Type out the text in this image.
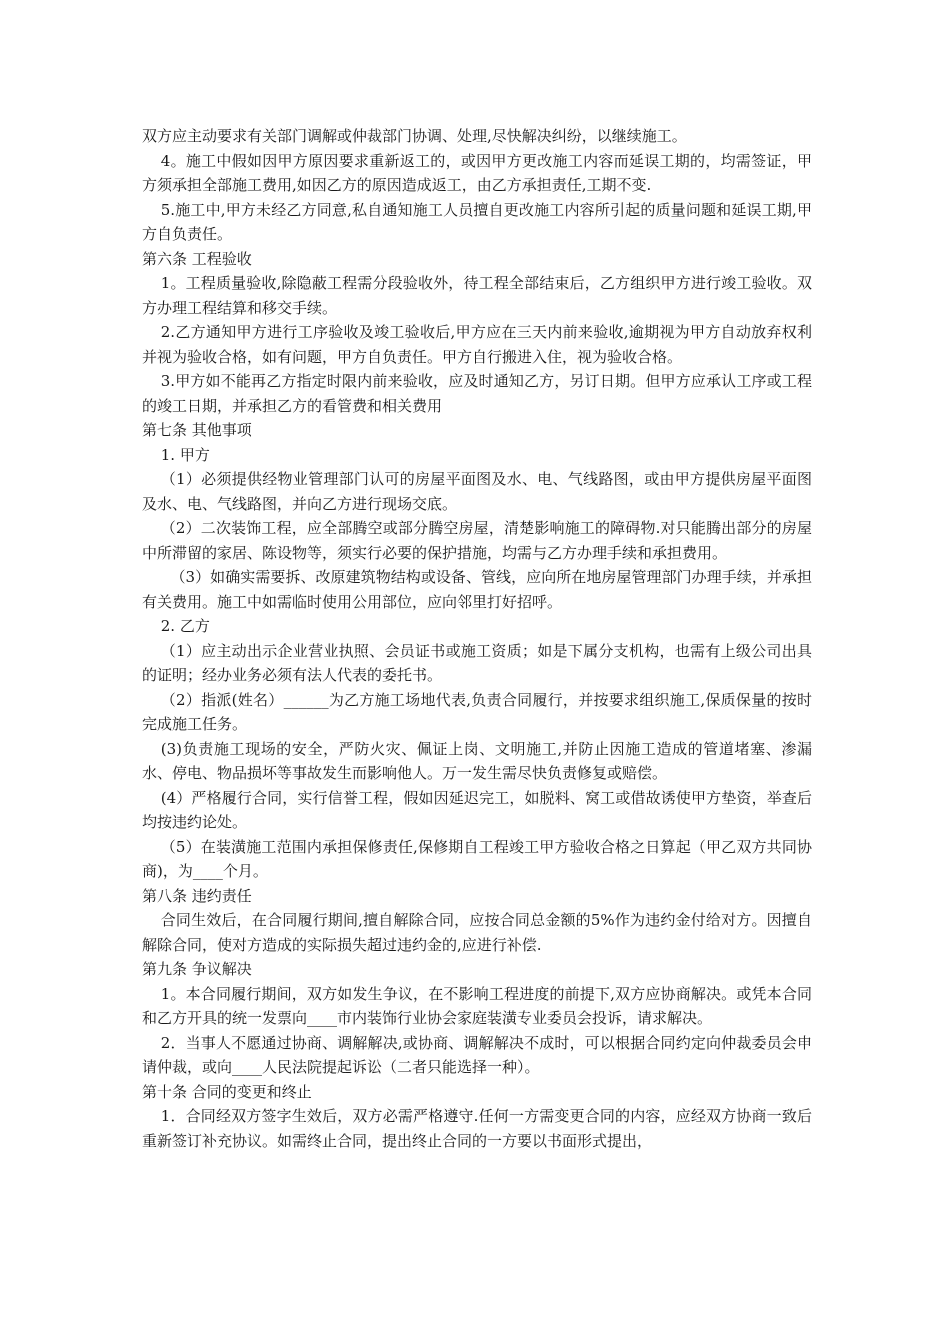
双方应主动要求有关部门调解或仲裁部门协调、处理,尽快解决纠纷，以继续施工。

4。施工中假如因甲方原因要求重新返工的，或因甲方更改施工内容而延误工期的，均需签证，甲方须承担全部施工费用,如因乙方的原因造成返工，由乙方承担责任,工期不变.

5.施工中,甲方未经乙方同意,私自通知施工人员擅自更改施工内容所引起的质量问题和延误工期,甲方自负责任。

第六条 工程验收

1。工程质量验收,除隐蔽工程需分段验收外，待工程全部结束后，乙方组织甲方进行竣工验收。双方办理工程结算和移交手续。

2.乙方通知甲方进行工序验收及竣工验收后,甲方应在三天内前来验收,逾期视为甲方自动放弃权利并视为验收合格，如有问题，甲方自负责任。甲方自行搬进入住，视为验收合格。

3.甲方如不能再乙方指定时限内前来验收，应及时通知乙方，另订日期。但甲方应承认工序或工程的竣工日期，并承担乙方的看管费和相关费用

第七条 其他事项

1. 甲方

（1）必须提供经物业管理部门认可的房屋平面图及水、电、气线路图，或由甲方提供房屋平面图及水、电、气线路图，并向乙方进行现场交底。

（2）二次装饰工程，应全部腾空或部分腾空房屋，清楚影响施工的障碍物.对只能腾出部分的房屋中所滞留的家居、陈设物等，须实行必要的保护措施，均需与乙方办理手续和承担费用。

（3）如确实需要拆、改原建筑物结构或设备、管线，应向所在地房屋管理部门办理手续，并承担有关费用。施工中如需临时使用公用部位，应向邻里打好招呼。

2. 乙方

（1）应主动出示企业营业执照、会员证书或施工资质；如是下属分支机构，也需有上级公司出具的证明；经办业务必须有法人代表的委托书。

（2）指派(姓名）______为乙方施工场地代表,负责合同履行，并按要求组织施工,保质保量的按时完成施工任务。

(3)负责施工现场的安全，严防火灾、佩证上岗、文明施工,并防止因施工造成的管道堵塞、渗漏水、停电、物品损坏等事故发生而影响他人。万一发生需尽快负责修复或赔偿。

(4）严格履行合同，实行信誉工程，假如因延迟完工，如脱料、窝工或借故诱使甲方垫资，举查后均按违约论处。

（5）在装潢施工范围内承担保修责任,保修期自工程竣工甲方验收合格之日算起（甲乙双方共同协商)，为____个月。

第八条 违约责任

合同生效后，在合同履行期间,擅自解除合同，应按合同总金额的5%作为违约金付给对方。因擅自解除合同，使对方造成的实际损失超过违约金的,应进行补偿.

第九条 争议解决

1。本合同履行期间，双方如发生争议，在不影响工程进度的前提下,双方应协商解决。或凭本合同和乙方开具的统一发票向____市内装饰行业协会家庭装潢专业委员会投诉，请求解决。

2．当事人不愿通过协商、调解解决,或协商、调解解决不成时，可以根据合同约定向仲裁委员会申请仲裁，或向____人民法院提起诉讼（二者只能选择一种）。

第十条 合同的变更和终止

1．合同经双方签字生效后，双方必需严格遵守.任何一方需变更合同的内容，应经双方协商一致后重新签订补充协议。如需终止合同，提出终止合同的一方要以书面形式提出，
